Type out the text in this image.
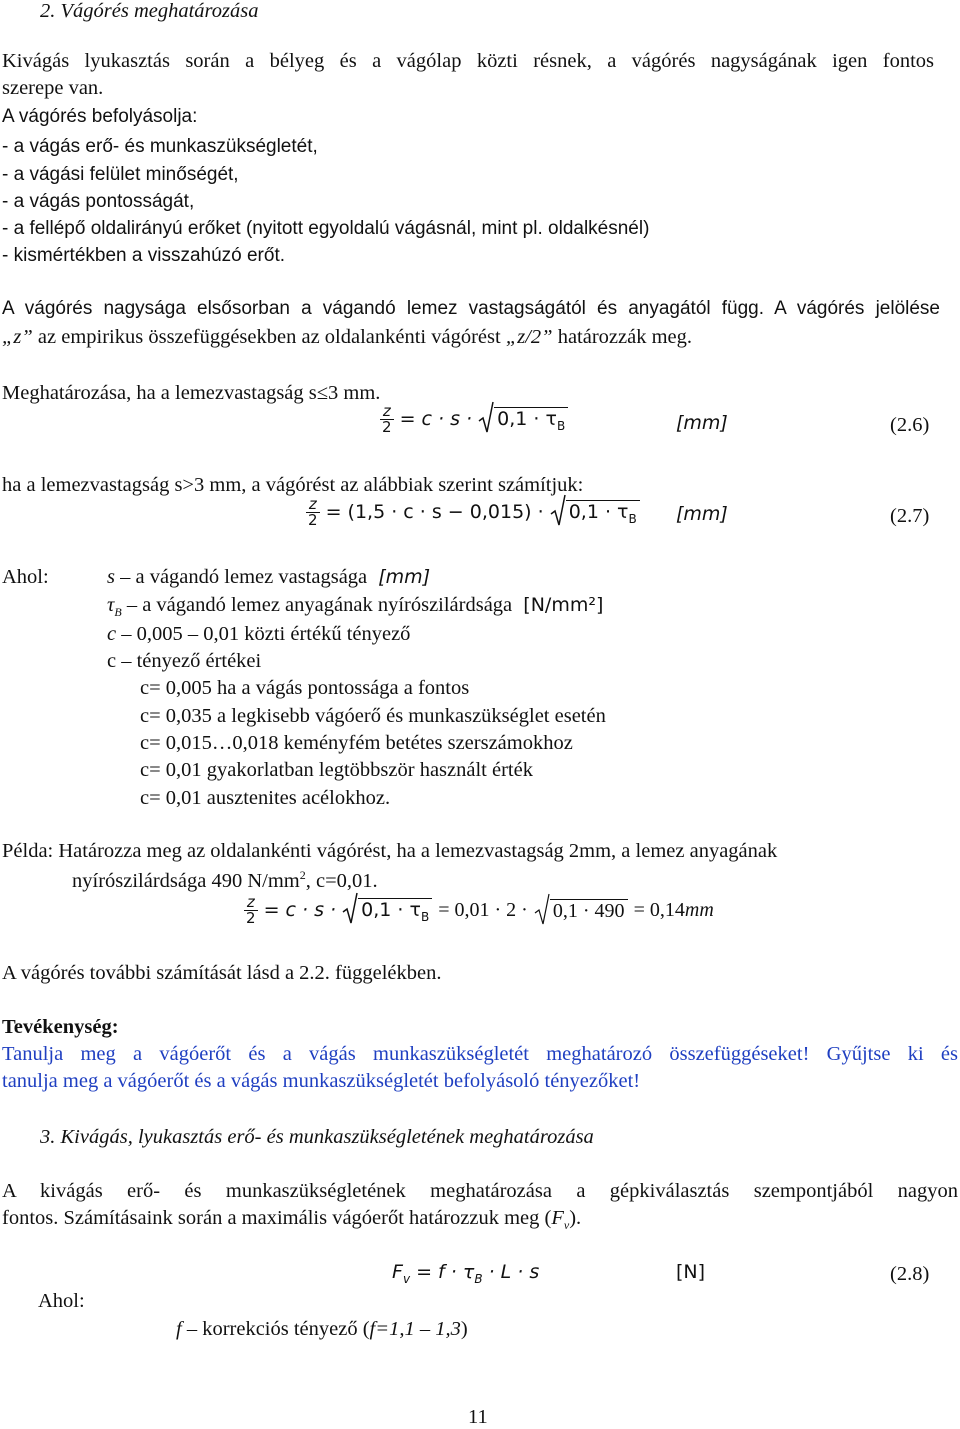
2. Vágórés meghatározása
Kivágás lyukasztás során a bélyeg és a vágólap közti résnek, a vágórés nagyságának igen fontos
szerepe van.
A vágórés befolyásolja:
- a vágás erő- és munkaszükségletét,
- a vágási felület minőségét,
- a vágás pontosságát,
- a fellépő oldalirányú erőket (nyitott egyoldalú vágásnál, mint pl. oldalkésnél)
- kismértékben a visszahúzó erőt.
A vágórés nagysága elsősorban a vágandó lemez vastagságától és anyagától függ. A vágórés jelölése
„z” az empirikus összefüggésekben az oldalankénti vágórést „z/2” határozzák meg.
Meghatározása, ha a lemezvastagság s≤3 mm.
$\frac{z}{2} = c \cdot s \cdot 0,1 \cdot \tau_B$	[mm]	(2.6)
ha a lemezvastagság s>3 mm, a vágórést az alábbiak szerint számítjuk:
$\frac{z}{2} = (1,5 \cdot c \cdot s - 0,015) \cdot 0,1 \cdot \tau_B$ [mm]	(2.7)
Ahol:	s – a vágandó lemez vastagsága [mm]
$\tau_B$ – a vágandó lemez anyagának nyírószilárdsága [N/mm²]
c – 0,005 – 0,01 közti értékű tényező
c – tényező értékei
c= 0,005 ha a vágás pontossága a fontos
c= 0,035 a legkisebb vágóerő és munkaszükséglet esetén
c= 0,015…0,018 keményfém betétes szerszámokhoz
c= 0,01 gyakorlatban legtöbbször használt érték
c= 0,01 ausztenites acélokhoz.
Példa: Határozza meg az oldalankénti vágórést, ha a lemezvastagság 2mm, a lemez anyagának
nyírószilárdsága 490 $N/mm^2$, c=0,01.
$\frac{z}{2} = c \cdot s \cdot 0,1 \cdot \tau_B = 0,01 \cdot 2 \cdot 0,1 \cdot 490 = 0,14mm$
A vágórés további számítását lásd a 2.2. függelékben.
Tevékenység:
Tanulja meg a vágóerőt és a vágás munkaszükségletét meghatározó összefüggéseket! Gyűjtse ki és
tanulja meg a vágóerőt és a vágás munkaszükségletét befolyásoló tényezőket!
3. Kivágás, lyukasztás erő- és munkaszükségletének meghatározása
A kivágás erő- és munkaszükségletének meghatározása a gépkiválasztás szempontjából nagyon
fontos. Számításaink során a maximális vágóerőt határozzuk meg $(F_v)$.
$F_v = f \cdot \tau_B \cdot L \cdot s$	[N]	(2.8)
Ahol:
f – korrekciós tényező (f=1,1 – 1,3)
11
